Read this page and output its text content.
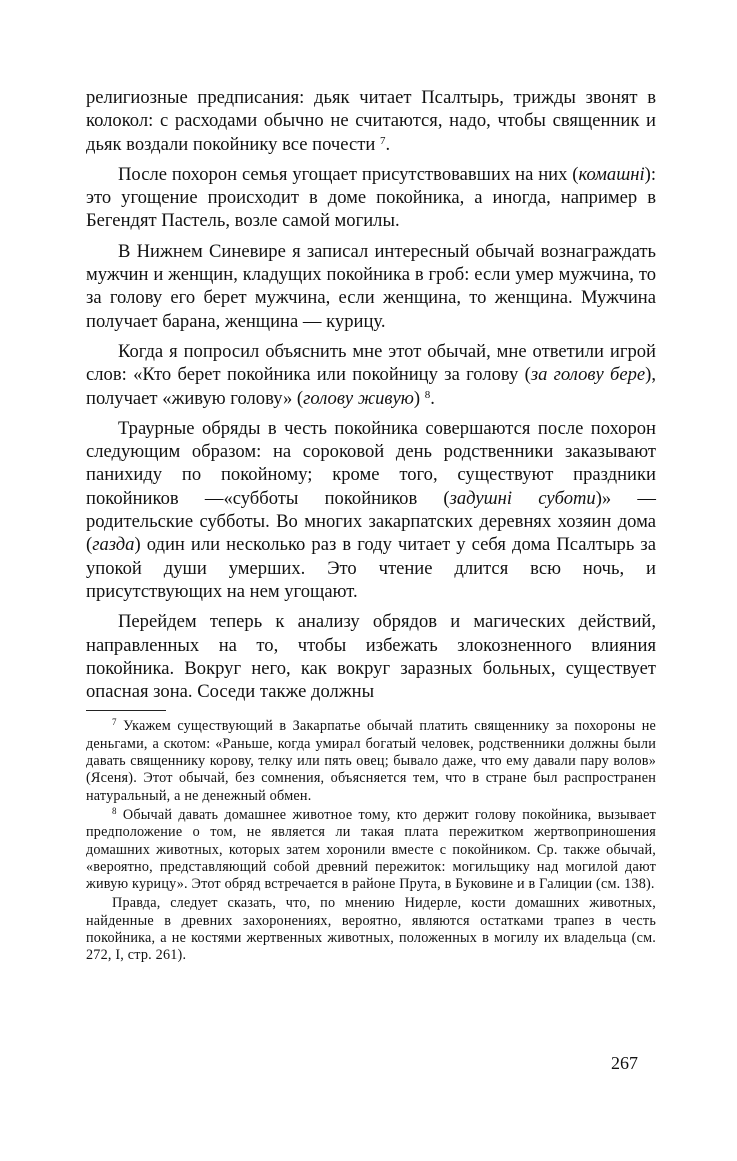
религиозные предписания: дьяк читает Псалтырь, трижды звонят в колокол: с расходами обычно не считаются, надо, чтобы священник и дьяк воздали покойнику все почести $^7$.

После похорон семья угощает присутствовавших на них (комашнi): это угощение происходит в доме покойника, а иногда, например в Бегендят Пастель, возле самой могилы.

В Нижнем Синевире я записал интересный обычай вознаграждать мужчин и женщин, кладущих покойника в гроб: если умер мужчина, то за голову его берет мужчина, если женщина, то женщина. Мужчина получает барана, женщина — курицу.

Когда я попросил объяснить мне этот обычай, мне ответили игрой слов: «Кто берет покойника или покойницу за голову (за голову бере), получает «живую голову» (голову живую) $^8$.

Траурные обряды в честь покойника совершаются после похорон следующим образом: на сороковой день родственники заказывают панихиду по покойному; кроме того, существуют праздники покойников —«субботы покойников (задушнi суботи)» — родительские субботы. Во многих закарпатских деревнях хозяин дома (газда) один или несколько раз в году читает у себя дома Псалтырь за упокой души умерших. Это чтение длится всю ночь, и присутствующих на нем угощают.

Перейдем теперь к анализу обрядов и магических действий, направленных на то, чтобы избежать злокозненного влияния покойника. Вокруг него, как вокруг заразных больных, существует опасная зона. Соседи также должны

$^7$ Укажем существующий в Закарпатье обычай платить священнику за похороны не деньгами, а скотом: «Раньше, когда умирал богатый человек, родственники должны были давать священнику корову, телку или пять овец; бывало даже, что ему давали пару волов» (Ясеня). Этот обычай, без сомнения, объясняется тем, что в стране был распространен натуральный, а не денежный обмен.

$^8$ Обычай давать домашнее животное тому, кто держит голову покойника, вызывает предположение о том, не является ли такая плата пережитком жертвоприношения домашних животных, которых затем хоронили вместе с покойником. Ср. также обычай, «вероятно, представляющий собой древний пережиток: могильщику над могилой дают живую курицу». Этот обряд встречается в районе Прута, в Буковине и в Галиции (см. 138).

Правда, следует сказать, что, по мнению Нидерле, кости домашних животных, найденные в древних захоронениях, вероятно, являются остатками трапез в честь покойника, а не костями жертвенных животных, положенных в могилу их владельца (см. 272, I, стр. 261).

267
